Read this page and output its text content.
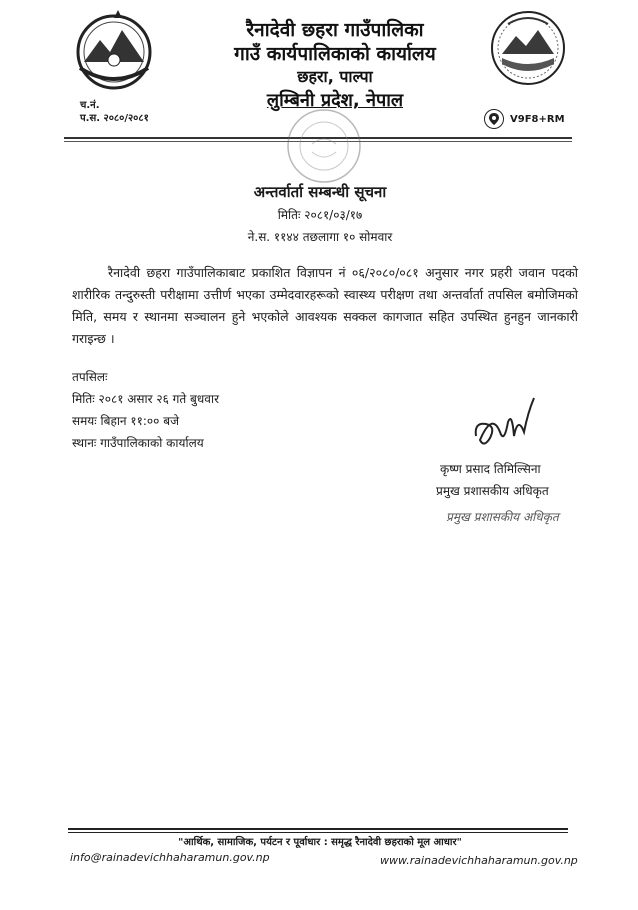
रैनादेवी छहरा गाउँपालिका
गाउँ कार्यपालिकाको कार्यालय
छहरा, पाल्पा
लुम्बिनी प्रदेश, नेपाल
च.नं.
प.स. २०८०/२०८१	V9F8+RM
अन्तर्वार्ता सम्बन्धी सूचना
मितिः २०८१/०३/१७
ने.स. ११४४ तछलागा १० सोमवार
रैनादेवी छहरा गाउँपालिकाबाट प्रकाशित विज्ञापन नं ०६/२०८०/०८१ अनुसार नगर प्रहरी जवान पदको शारीरिक तन्दुरुस्ती परीक्षामा उत्तीर्ण भएका उम्मेदवारहरूको स्वास्थ्य परीक्षण तथा अन्तर्वार्ता तपसिल बमोजिमको मिति, समय र स्थानमा सञ्चालन हुने भएकोले आवश्यक सक्कल कागजात सहित उपस्थित हुनहुन जानकारी गराइन्छ ।
तपसिलः
मितिः २०८१ असार २६ गते बुधवार
समयः बिहान ११:०० बजे
स्थानः गाउँपालिकाको कार्यालय
कृष्ण प्रसाद तिमिल्सिना
प्रमुख प्रशासकीय अधिकृत
प्रमुख प्रशासकीय अधिकृत
"आर्थिक, सामाजिक, पर्यटन र पूर्वाधार : समृद्ध रैनादेवी छहराको मूल आधार"
info@rainadevichhaharamun.gov.np	www.rainadevichhaharamun.gov.np
